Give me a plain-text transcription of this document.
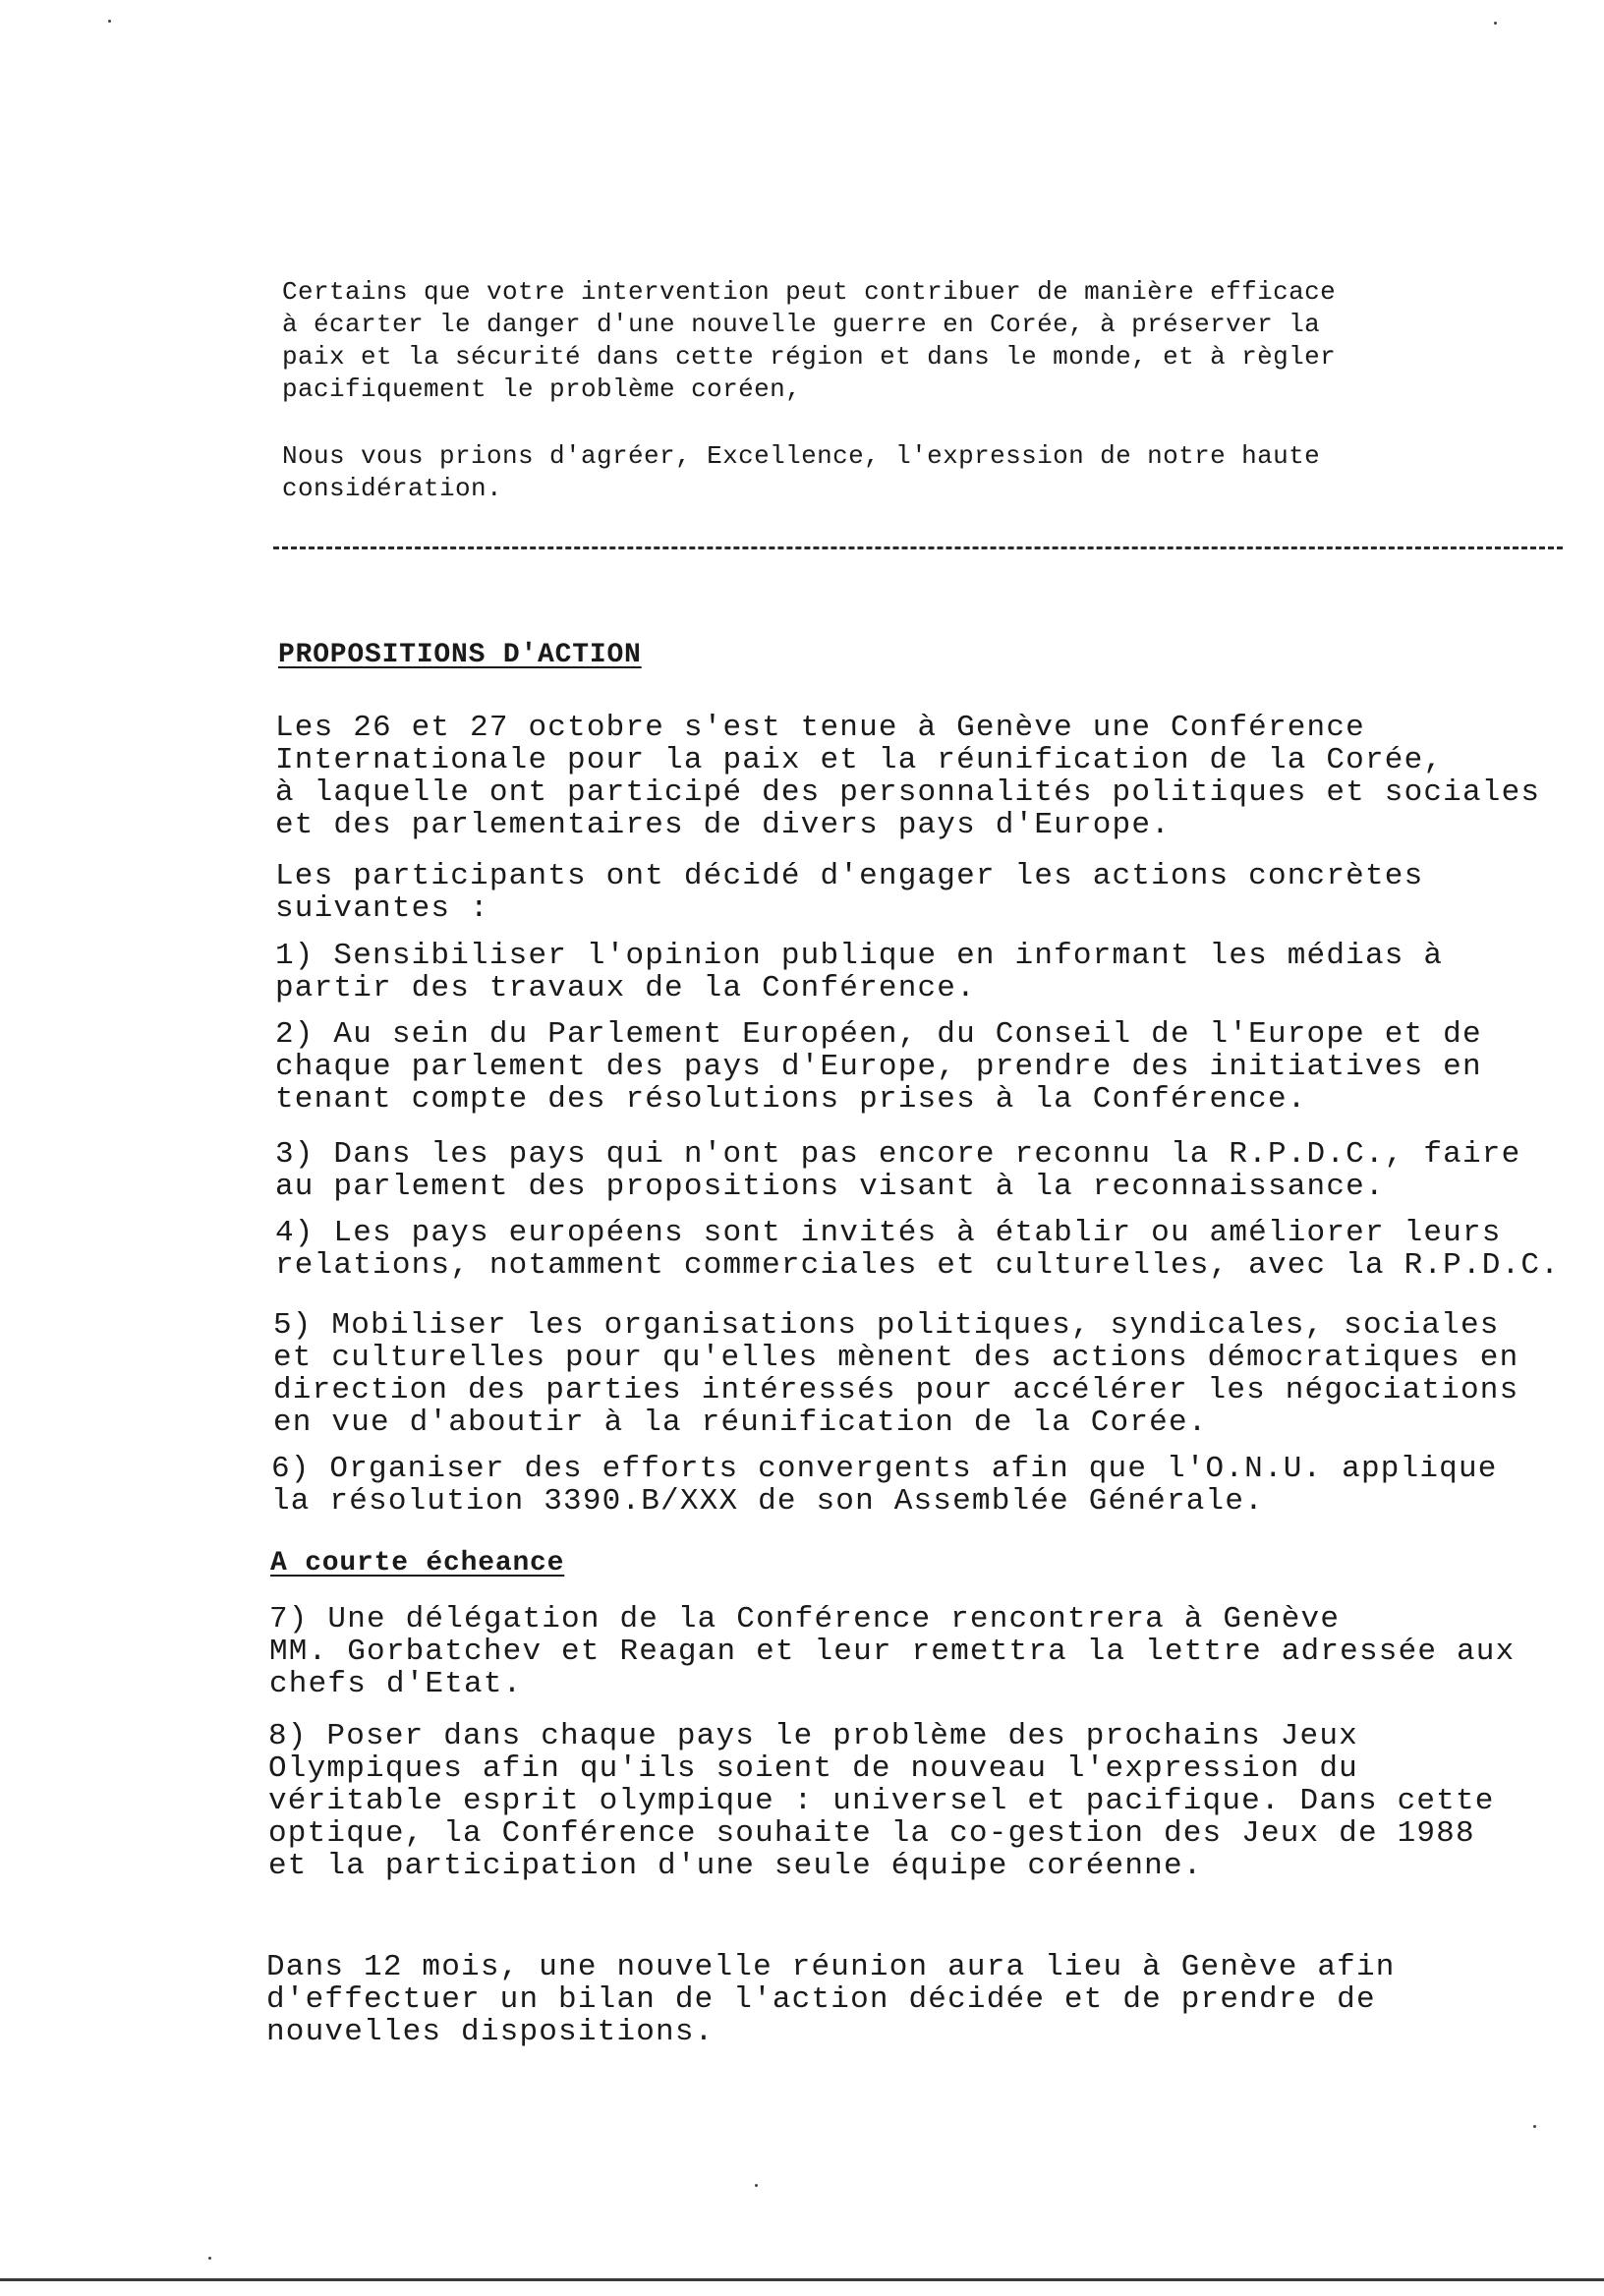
Certains que votre intervention peut contribuer de manière efficace
à écarter le danger d'une nouvelle guerre en Corée, à préserver la
paix et la sécurité dans cette région et dans le monde, et à règler
pacifiquement le problème coréen,

Nous vous prions d'agréer, Excellence, l'expression de notre haute
considération.

PROPOSITIONS D'ACTION

Les 26 et 27 octobre s'est tenue à Genève une Conférence
Internationale pour la paix et la réunification de la Corée,
à laquelle ont participé des personnalités politiques et sociales
et des parlementaires de divers pays d'Europe.

Les participants ont décidé d'engager les actions concrètes
suivantes :

1) Sensibiliser l'opinion publique en informant les médias à
partir des travaux de la Conférence.

2) Au sein du Parlement Européen, du Conseil de l'Europe et de
chaque parlement des pays d'Europe, prendre des initiatives en
tenant compte des résolutions prises à la Conférence.

3) Dans les pays qui n'ont pas encore reconnu la R.P.D.C., faire
au parlement des propositions visant à la reconnaissance.

4) Les pays européens sont invités à établir ou améliorer leurs
relations, notamment commerciales et culturelles, avec la R.P.D.C.

5) Mobiliser les organisations politiques, syndicales, sociales
et culturelles pour qu'elles mènent des actions démocratiques en
direction des parties intéressés pour accélérer les négociations
en vue d'aboutir à la réunification de la Corée.

6) Organiser des efforts convergents afin que l'O.N.U. applique
la résolution 3390.B/XXX de son Assemblée Générale.

A courte écheance

7) Une délégation de la Conférence rencontrera à Genève
MM. Gorbatchev et Reagan et leur remettra la lettre adressée aux
chefs d'Etat.

8) Poser dans chaque pays le problème des prochains Jeux
Olympiques afin qu'ils soient de nouveau l'expression du
véritable esprit olympique : universel et pacifique. Dans cette
optique, la Conférence souhaite la co-gestion des Jeux de 1988
et la participation d'une seule équipe coréenne.

Dans 12 mois, une nouvelle réunion aura lieu à Genève afin
d'effectuer un bilan de l'action décidée et de prendre de
nouvelles dispositions.
